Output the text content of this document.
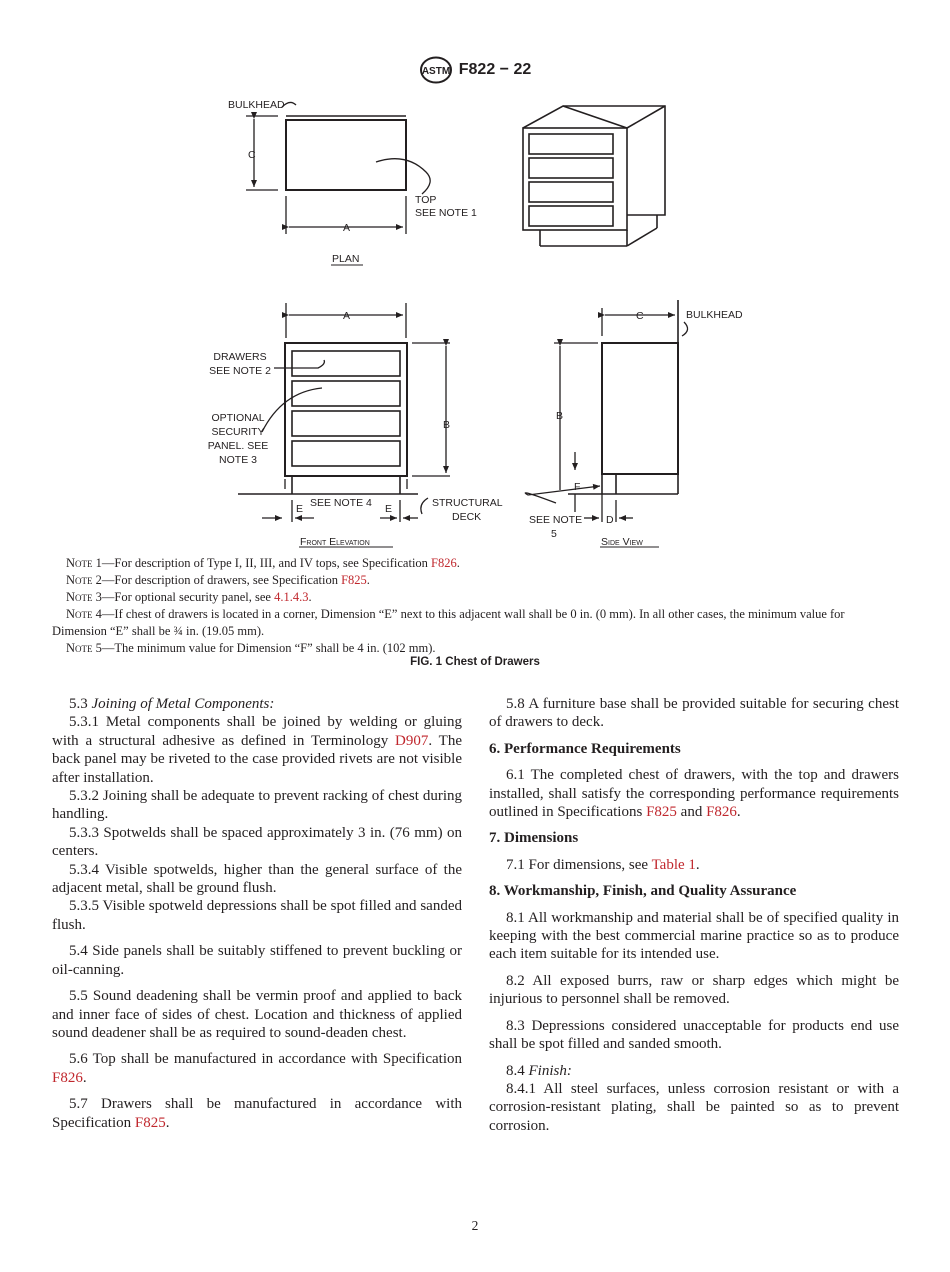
ASTM F822 − 22
BULKHEAD
C
A
TOP
SEE NOTE 1
PLAN
A
B
DRAWERS
SEE NOTE 2
OPTIONAL
SECURITY
PANEL. SEE
NOTE 3
SEE NOTE 4
E	E	STRUCTURAL
DECK
Front Elevation
C	BULKHEAD
B
F
D
SEE NOTE
5
Side View

Note 1—For description of Type I, II, III, and IV tops, see Specification F826.

Note 2—For description of drawers, see Specification F825.

Note 3—For optional security panel, see 4.1.4.3.

Note 4—If chest of drawers is located in a corner, Dimension “E” next to this adjacent wall shall be 0 in. (0 mm). In all other cases, the minimum value for Dimension “E” shall be ¾ in. (19.05 mm).

Note 5—The minimum value for Dimension “F” shall be 4 in. (102 mm).

FIG. 1 Chest of Drawers

5.3 Joining of Metal Components:

5.3.1 Metal components shall be joined by welding or gluing with a structural adhesive as defined in Terminology D907. The back panel may be riveted to the case provided rivets are not visible after installation.

5.3.2 Joining shall be adequate to prevent racking of chest during handling.

5.3.3 Spotwelds shall be spaced approximately 3 in. (76 mm) on centers.

5.3.4 Visible spotwelds, higher than the general surface of the adjacent metal, shall be ground flush.

5.3.5 Visible spotweld depressions shall be spot filled and sanded flush.

5.4 Side panels shall be suitably stiffened to prevent buckling or oil-canning.

5.5 Sound deadening shall be vermin proof and applied to back and inner face of sides of chest. Location and thickness of applied sound deadener shall be as required to sound-deaden chest.

5.6 Top shall be manufactured in accordance with Specification F826.

5.7 Drawers shall be manufactured in accordance with Specification F825.

5.8 A furniture base shall be provided suitable for securing chest of drawers to deck.

6. Performance Requirements

6.1 The completed chest of drawers, with the top and drawers installed, shall satisfy the corresponding performance requirements outlined in Specifications F825 and F826.

7. Dimensions

7.1 For dimensions, see Table 1.

8. Workmanship, Finish, and Quality Assurance

8.1 All workmanship and material shall be of specified quality in keeping with the best commercial marine practice so as to produce each item suitable for its intended use.

8.2 All exposed burrs, raw or sharp edges which might be injurious to personnel shall be removed.

8.3 Depressions considered unacceptable for products end use shall be spot filled and sanded smooth.

8.4 Finish:

8.4.1 All steel surfaces, unless corrosion resistant or with a corrosion-resistant plating, shall be painted so as to prevent corrosion.

2
